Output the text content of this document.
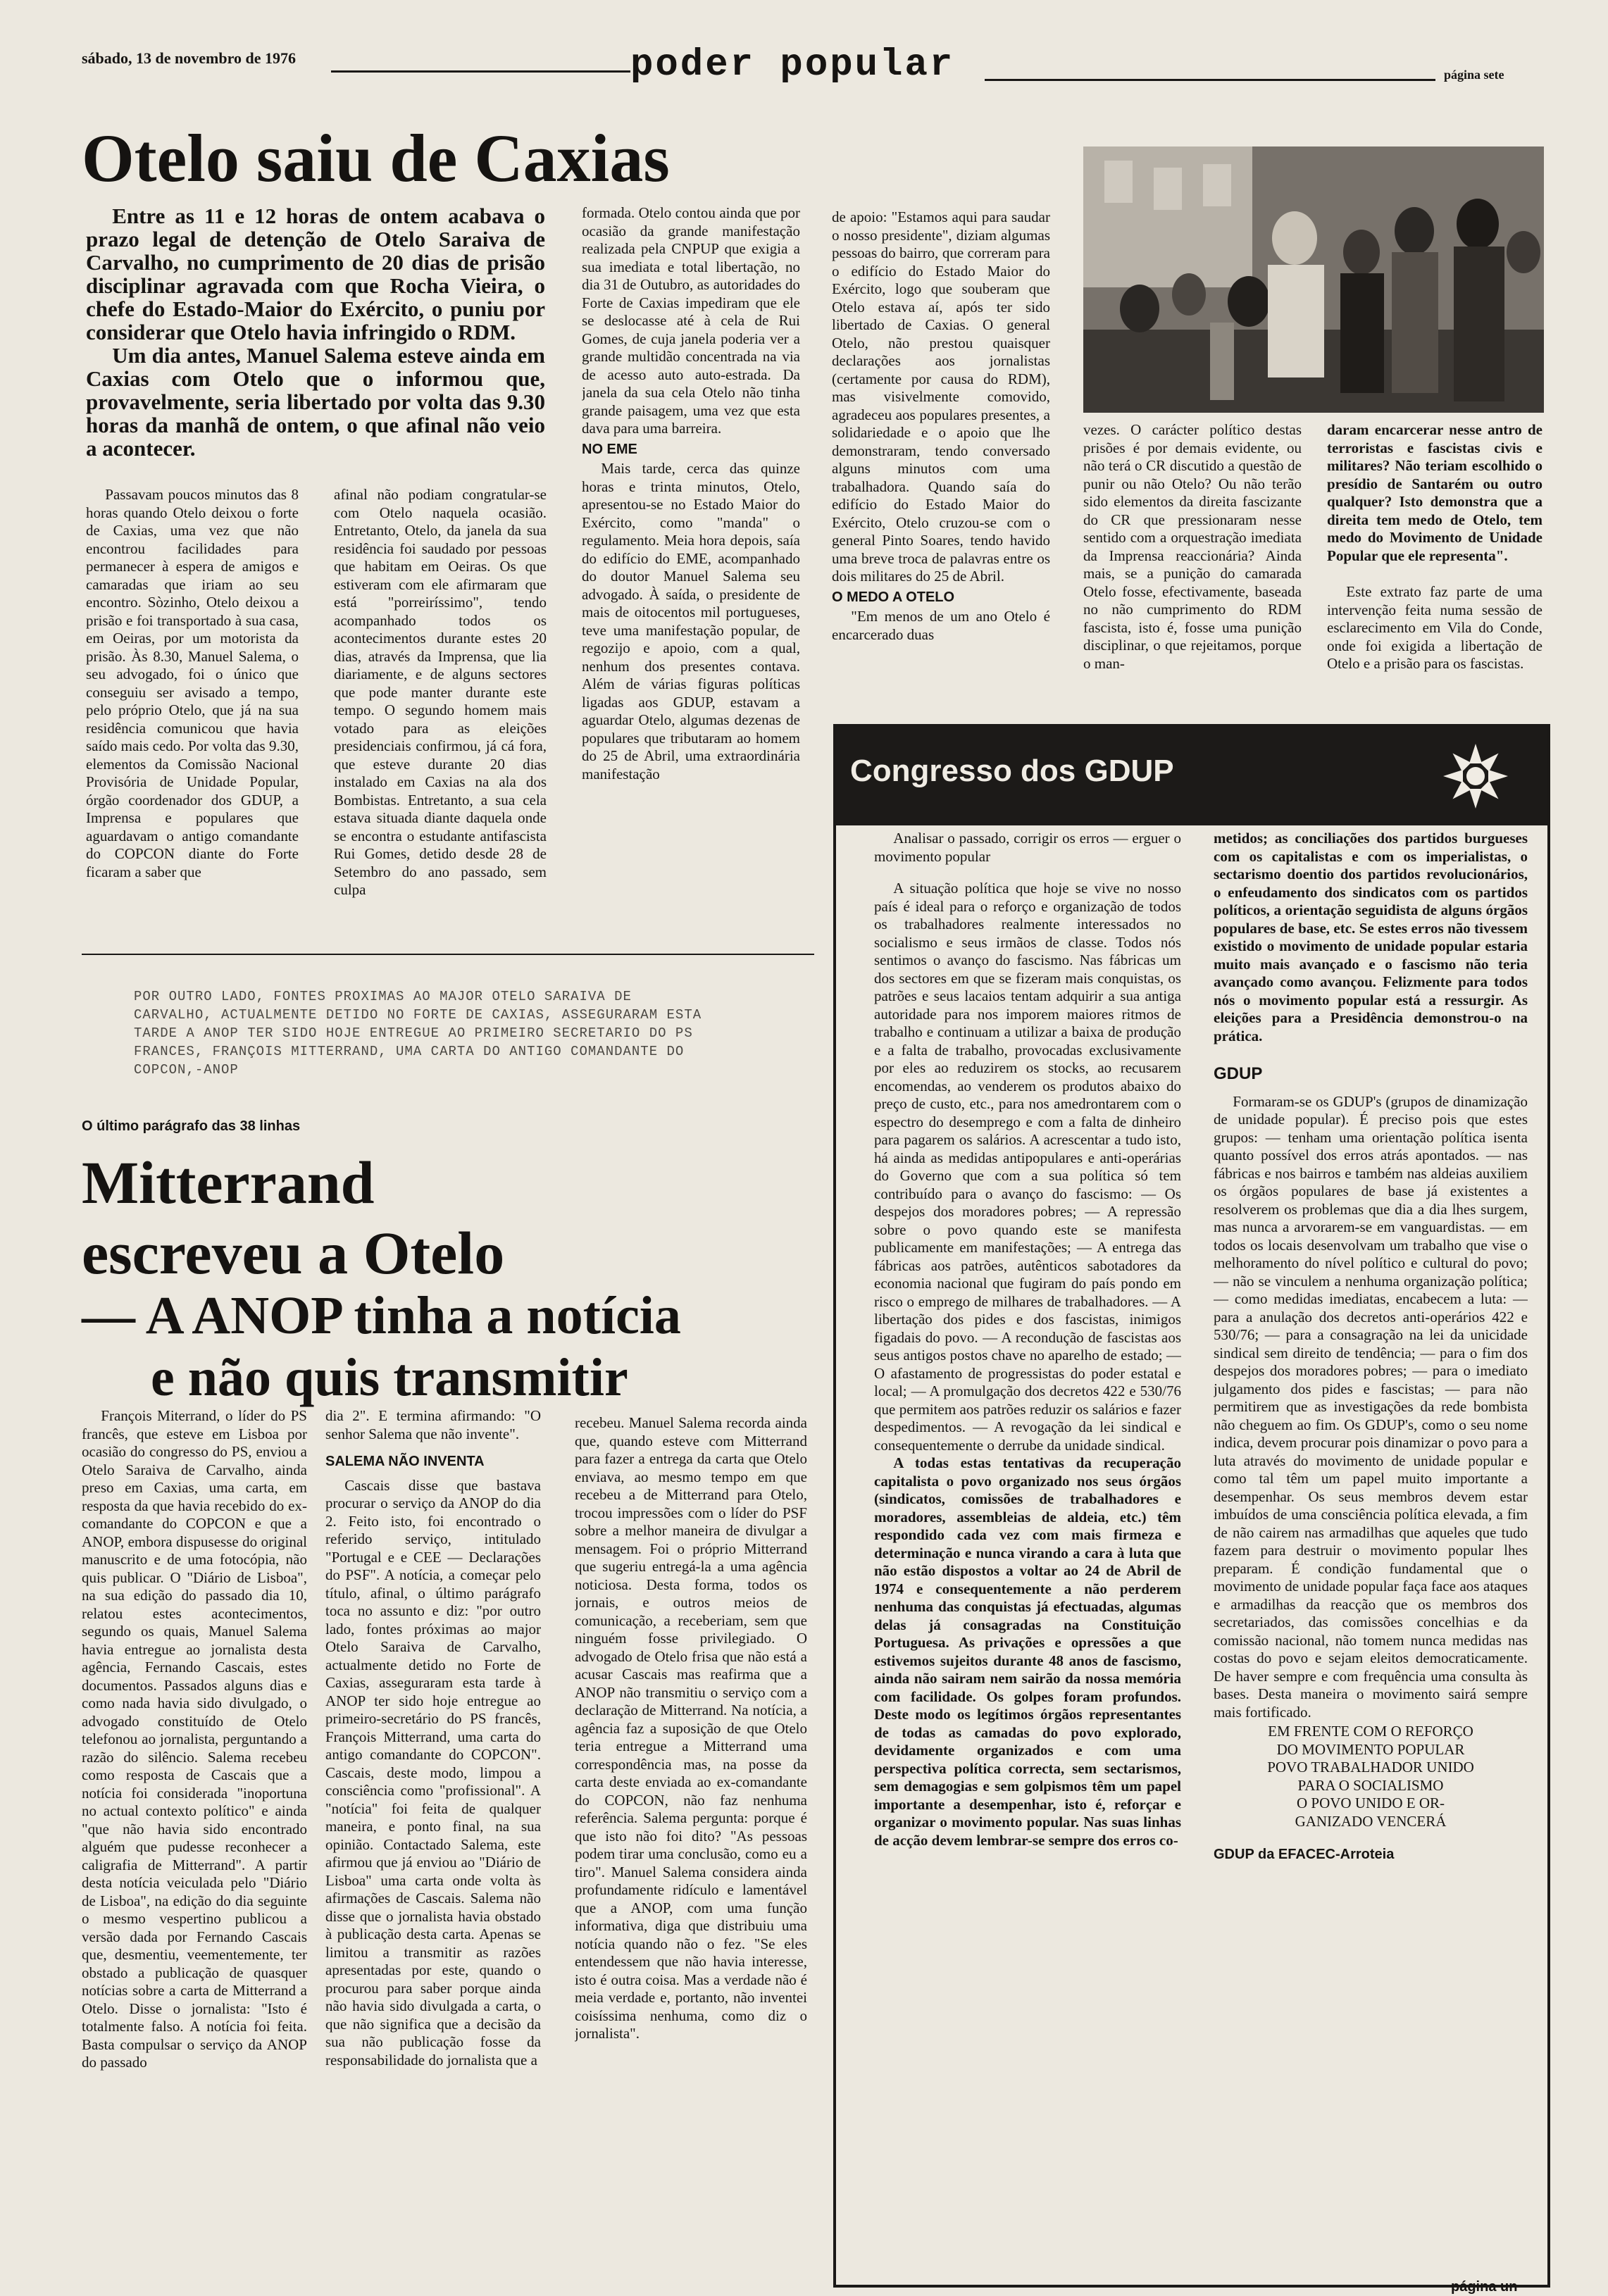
sábado, 13 de novembro de 1976	poder popular	página sete
Otelo saiu de Caxias

Entre as 11 e 12 horas de ontem acabava o prazo legal de detenção de Otelo Saraiva de Carvalho, no cumprimento de 20 dias de prisão disciplinar agravada com que Rocha Vieira, o chefe do Estado-Maior do Exército, o puniu por considerar que Otelo havia infringido o RDM.

Um dia antes, Manuel Salema esteve ainda em Caxias com Otelo que o informou que, provavelmente, seria libertado por volta das 9.30 horas da manhã de ontem, o que afinal não veio a acontecer.

Passavam poucos minutos das 8 horas quando Otelo deixou o forte de Caxias, uma vez que não encontrou facilidades para permanecer à espera de amigos e camaradas que iriam ao seu encontro. Sòzinho, Otelo deixou a prisão e foi transportado à sua casa, em Oeiras, por um motorista da prisão. Às 8.30, Manuel Salema, o seu advogado, foi o único que conseguiu ser avisado a tempo, pelo próprio Otelo, que já na sua residência comunicou que havia saído mais cedo. Por volta das 9.30, elementos da Comissão Nacional Provisória de Unidade Popular, órgão coordenador dos GDUP, a Imprensa e populares que aguardavam o antigo comandante do COPCON diante do Forte ficaram a saber que

afinal não podiam congratular-se com Otelo naquela ocasião. Entretanto, Otelo, da janela da sua residência foi saudado por pessoas que habitam em Oeiras. Os que estiveram com ele afirmaram que está "porreiríssimo", tendo acompanhado todos os acontecimentos durante estes 20 dias, através da Imprensa, que lia diariamente, e de alguns sectores que pode manter durante este tempo. O segundo homem mais votado para as eleições presidenciais confirmou, já cá fora, que esteve durante 20 dias instalado em Caxias na ala dos Bombistas. Entretanto, a sua cela estava situada diante daquela onde se encontra o estudante antifascista Rui Gomes, detido desde 28 de Setembro do ano passado, sem culpa

formada. Otelo contou ainda que por ocasião da grande manifestação realizada pela CNPUP que exigia a sua imediata e total libertação, no dia 31 de Outubro, as autoridades do Forte de Caxias impediram que ele se deslocasse até à cela de Rui Gomes, de cuja janela poderia ver a grande multidão concentrada na via de acesso auto auto-estrada. Da janela da sua cela Otelo não tinha grande paisagem, uma vez que esta dava para uma barreira.

NO EME

Mais tarde, cerca das quinze horas e trinta minutos, Otelo, apresentou-se no Estado Maior do Exército, como "manda" o regulamento. Meia hora depois, saía do edifício do EME, acompanhado do doutor Manuel Salema seu advogado. À saída, o presidente de mais de oitocentos mil portugueses, teve uma manifestação popular, de regozijo e apoio, com a qual, nenhum dos presentes contava. Além de várias figuras políticas ligadas aos GDUP, estavam a aguardar Otelo, algumas dezenas de populares que tributaram ao homem do 25 de Abril, uma extraordinária manifestação

de apoio: "Estamos aqui para saudar o nosso presidente", diziam algumas pessoas do bairro, que correram para o edifício do Estado Maior do Exército, logo que souberam que Otelo estava aí, após ter sido libertado de Caxias. O general Otelo, não prestou quaisquer declarações aos jornalistas (certamente por causa do RDM), mas visivelmente comovido, agradeceu aos populares presentes, a solidariedade e o apoio que lhe demonstraram, tendo conversado alguns minutos com uma trabalhadora. Quando saía do edifício do Estado Maior do Exército, Otelo cruzou-se com o general Pinto Soares, tendo havido uma breve troca de palavras entre os dois militares do 25 de Abril.

O MEDO A OTELO

"Em menos de um ano Otelo é encarcerado duas

vezes. O carácter político destas prisões é por demais evidente, ou não terá o CR discutido a questão de punir ou não Otelo? Ou não terão sido elementos da direita fascizante do CR que pressionaram nesse sentido com a orquestração imediata da Imprensa reaccionária? Ainda mais, se a punição do camarada Otelo fosse, efectivamente, baseada no não cumprimento do RDM fascista, isto é, fosse uma punição disciplinar, o que rejeitamos, porque o man-

daram encarcerar nesse antro de terroristas e fascistas civis e militares? Não teriam escolhido o presídio de Santarém ou outro qualquer? Isto demonstra que a direita tem medo de Otelo, tem medo do Movimento de Unidade Popular que ele representa".

Este extrato faz parte de uma intervenção feita numa sessão de esclarecimento em Vila do Conde, onde foi exigida a libertação de Otelo e a prisão para os fascistas.

POR OUTRO LADO, FONTES PROXIMAS AO MAJOR OTELO SARAIVA DE
CARVALHO, ACTUALMENTE DETIDO NO FORTE DE CAXIAS, ASSEGURARAM ESTA
TARDE A ANOP TER SIDO HOJE ENTREGUE AO PRIMEIRO SECRETARIO DO PS
FRANCES, FRANÇOIS MITTERRAND, UMA CARTA DO ANTIGO COMANDANTE DO
COPCON,-ANOP
O último parágrafo das 38 linhas
Mitterrand
escreveu a Otelo
— A ANOP tinha a notícia
e não quis transmitir

François Miterrand, o líder do PS francês, que esteve em Lisboa por ocasião do congresso do PS, enviou a Otelo Saraiva de Carvalho, ainda preso em Caxias, uma carta, em resposta da que havia recebido do ex-comandante do COPCON e que a ANOP, embora dispusesse do original manuscrito e de uma fotocópia, não quis publicar. O "Diário de Lisboa", na sua edição do passado dia 10, relatou estes acontecimentos, segundo os quais, Manuel Salema havia entregue ao jornalista desta agência, Fernando Cascais, estes documentos. Passados alguns dias e como nada havia sido divulgado, o advogado constituído de Otelo telefonou ao jornalista, perguntando a razão do silêncio. Salema recebeu como resposta de Cascais que a notícia foi considerada "inoportuna no actual contexto político" e ainda "que não havia sido encontrado alguém que pudesse reconhecer a caligrafia de Mitterrand". A partir desta notícia veiculada pelo "Diário de Lisboa", na edição do dia seguinte o mesmo vespertino publicou a versão dada por Fernando Cascais que, desmentiu, veementemente, ter obstado a publicação de quasquer notícias sobre a carta de Mitterrand a Otelo. Disse o jornalista: "Isto é totalmente falso. A notícia foi feita. Basta compulsar o serviço da ANOP do passado

dia 2". E termina afirmando: "O senhor Salema que não invente".

SALEMA NÃO INVENTA

Cascais disse que bastava procurar o serviço da ANOP do dia 2. Feito isto, foi encontrado o referido serviço, intitulado "Portugal e e CEE — Declarações do PSF". A notícia, a começar pelo título, afinal, o último parágrafo toca no assunto e diz: "por outro lado, fontes próximas ao major Otelo Saraiva de Carvalho, actualmente detido no Forte de Caxias, asseguraram esta tarde à ANOP ter sido hoje entregue ao primeiro-secretário do PS francês, François Mitterrand, uma carta do antigo comandante do COPCON". Cascais, deste modo, limpou a consciência como "profissional". A "notícia" foi feita de qualquer maneira, e ponto final, na sua opinião. Contactado Salema, este afirmou que já enviou ao "Diário de Lisboa" uma carta onde volta às afirmações de Cascais. Salema não disse que o jornalista havia obstado à publicação desta carta. Apenas se limitou a transmitir as razões apresentadas por este, quando o procurou para saber porque ainda não havia sido divulgada a carta, o que não significa que a decisão da sua não publicação fosse da responsabilidade do jornalista que a

recebeu. Manuel Salema recorda ainda que, quando esteve com Mitterrand para fazer a entrega da carta que Otelo enviava, ao mesmo tempo em que recebeu a de Mitterrand para Otelo, trocou impressões com o líder do PSF sobre a melhor maneira de divulgar a mensagem. Foi o próprio Mitterrand que sugeriu entregá-la a uma agência noticiosa. Desta forma, todos os jornais, e outros meios de comunicação, a receberiam, sem que ninguém fosse privilegiado. O advogado de Otelo frisa que não está a acusar Cascais mas reafirma que a ANOP não transmitiu o serviço com a declaração de Mitterrand. Na notícia, a agência faz a suposição de que Otelo teria entregue a Mitterrand uma correspondência mas, na posse da carta deste enviada ao ex-comandante do COPCON, não faz nenhuma referência. Salema pergunta: porque é que isto não foi dito? "As pessoas podem tirar uma conclusão, como eu a tiro". Manuel Salema considera ainda profundamente ridículo e lamentável que a ANOP, com uma função informativa, diga que distribuiu uma notícia quando não o fez. "Se eles entendessem que não havia interesse, isto é outra coisa. Mas a verdade não é meia verdade e, portanto, não inventei coisíssima nenhuma, como diz o jornalista".

Congresso dos GDUP

Analisar o passado, corrigir os erros — erguer o movimento popular

A situação política que hoje se vive no nosso país é ideal para o reforço e organização de todos os trabalhadores realmente interessados no socialismo e seus irmãos de classe. Todos nós sentimos o avanço do fascismo. Nas fábricas um dos sectores em que se fizeram mais conquistas, os patrões e seus lacaios tentam adquirir a sua antiga autoridade para nos imporem maiores ritmos de trabalho e continuam a utilizar a baixa de produção e a falta de trabalho, provocadas exclusivamente por eles ao reduzirem os stocks, ao recusarem encomendas, ao venderem os produtos abaixo do preço de custo, etc., para nos amedrontarem com o espectro do desemprego e com a falta de dinheiro para pagarem os salários. A acrescentar a tudo isto, há ainda as medidas antipopulares e anti-operárias do Governo que com a sua política só tem contribuído para o avanço do fascismo: — Os despejos dos moradores pobres; — A repressão sobre o povo quando este se manifesta publicamente em manifestações; — A entrega das fábricas aos patrões, autênticos sabotadores da economia nacional que fugiram do país pondo em risco o emprego de milhares de trabalhadores. — A libertação dos pides e dos fascistas, inimigos figadais do povo. — A recondução de fascistas aos seus antigos postos chave no aparelho de estado; — O afastamento de progressistas do poder estatal e local; — A promulgação dos decretos 422 e 530/76 que permitem aos patrões reduzir os salários e fazer despedimentos. — A revogação da lei sindical e consequentemente o derrube da unidade sindical.

A todas estas tentativas da recuperação capitalista o povo organizado nos seus órgãos (sindicatos, comissões de trabalhadores e moradores, assembleias de aldeia, etc.) têm respondido cada vez com mais firmeza e determinação e nunca virando a cara à luta que não estão dispostos a voltar ao 24 de Abril de 1974 e consequentemente a não perderem nenhuma das conquistas já efectuadas, algumas delas já consagradas na Constituição Portuguesa. As privações e opressões a que estivemos sujeitos durante 48 anos de fascismo, ainda não sairam nem sairão da nossa memória com facilidade. Os golpes foram profundos. Deste modo os legítimos órgãos representantes de todas as camadas do povo explorado, devidamente organizados e com uma perspectiva política correcta, sem sectarismos, sem demagogias e sem golpismos têm um papel importante a desempenhar, isto é, reforçar e organizar o movimento popular. Nas suas linhas de acção devem lembrar-se sempre dos erros co-

metidos; as conciliações dos partidos burgueses com os capitalistas e com os imperialistas, o sectarismo doentio dos partidos revolucionários, o enfeudamento dos sindicatos com os partidos políticos, a orientação seguidista de alguns órgãos populares de base, etc. Se estes erros não tivessem existido o movimento de unidade popular estaria muito mais avançado e o fascismo não teria avançado como avançou. Felizmente para todos nós o movimento popular está a ressurgir. As eleições para a Presidência demonstrou-o na prática.

GDUP

Formaram-se os GDUP's (grupos de dinamização de unidade popular). É preciso pois que estes grupos: — tenham uma orientação política isenta quanto possível dos erros atrás apontados. — nas fábricas e nos bairros e também nas aldeias auxiliem os órgãos populares de base já existentes a resolverem os problemas que dia a dia lhes surgem, mas nunca a arvorarem-se em vanguardistas. — em todos os locais desenvolvam um trabalho que vise o melhoramento do nível político e cultural do povo; — não se vinculem a nenhuma organização política; — como medidas imediatas, encabecem a luta: — para a anulação dos decretos anti-operários 422 e 530/76; — para a consagração na lei da unicidade sindical sem direito de tendência; — para o fim dos despejos dos moradores pobres; — para o imediato julgamento dos pides e fascistas; — para não permitirem que as investigações da rede bombista não cheguem ao fim. Os GDUP's, como o seu nome indica, devem procurar pois dinamizar o povo para a luta através do movimento de unidade popular e como tal têm um papel muito importante a desempenhar. Os seus membros devem estar imbuídos de uma consciência política elevada, a fim de não cairem nas armadilhas que aqueles que tudo fazem para destruir o movimento popular lhes preparam. É condição fundamental que o movimento de unidade popular faça face aos ataques e armadilhas da reacção que os membros dos secretariados, das comissões concelhias e da comissão nacional, não tomem nunca medidas nas costas do povo e sejam eleitos democraticamente. De haver sempre e com frequência uma consulta às bases. Desta maneira o movimento sairá sempre mais fortificado.

EM FRENTE COM O REFORÇO
DO MOVIMENTO POPULAR
POVO TRABALHADOR UNIDO
PARA O SOCIALISMO
O POVO UNIDO E OR-
GANIZADO VENCERÁ
GDUP da EFACEC-Arroteia
página un
